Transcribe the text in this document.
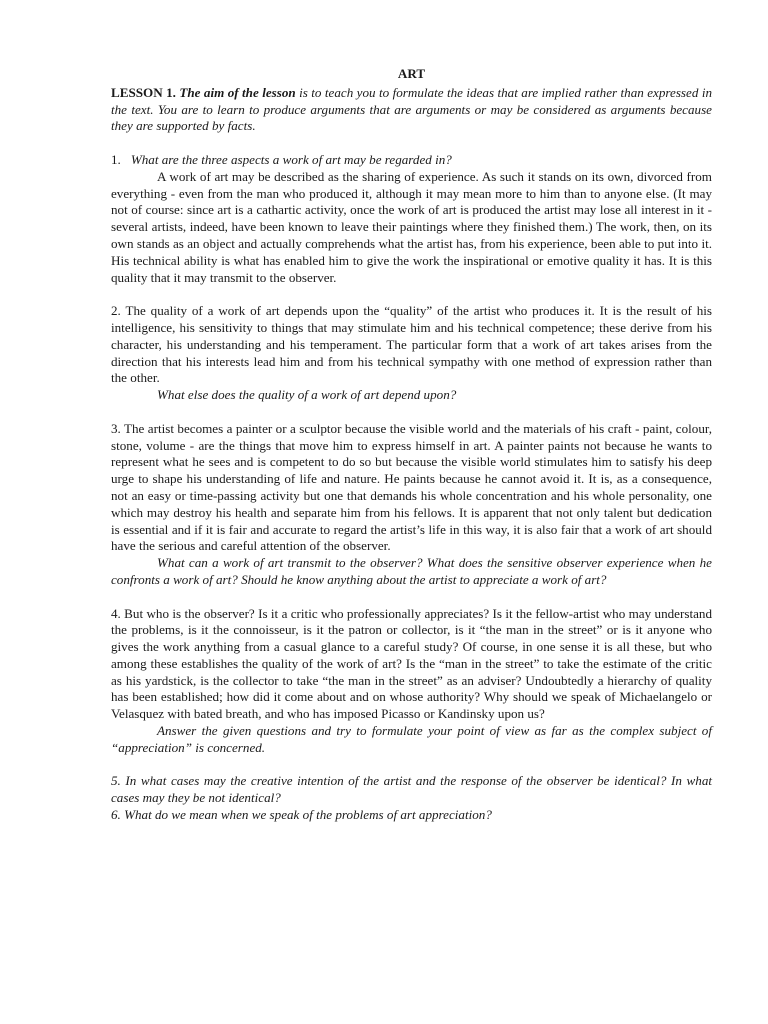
ART

LESSON 1. The aim of the lesson is to teach you to formulate the ideas that are implied rather than expressed in the text. You are to learn to produce arguments that are arguments or may be considered as arguments because they are supported by facts.

1. What are the three aspects a work of art may be regarded in?

A work of art may be described as the sharing of experience. As such it stands on its own, divorced from everything - even from the man who produced it, although it may mean more to him than to anyone else. (It may not of course: since art is a cathartic activity, once the work of art is produced the artist may lose all interest in it - several artists, indeed, have been known to leave their paintings where they finished them.) The work, then, on its own stands as an object and actually comprehends what the artist has, from his experience, been able to put into it. His technical ability is what has enabled him to give the work the inspirational or emotive quality it has. It is this quality that it may transmit to the observer.

2. The quality of a work of art depends upon the “quality” of the artist who produces it. It is the result of his intelligence, his sensitivity to things that may stimulate him and his technical competence; these derive from his character, his understanding and his temperament. The particular form that a work of art takes arises from the direction that his interests lead him and from his technical sympathy with one method of expression rather than the other.

What else does the quality of a work of art depend upon?

3. The artist becomes a painter or a sculptor because the visible world and the materials of his craft - paint, colour, stone, volume - are the things that move him to express himself in art. A painter paints not because he wants to represent what he sees and is competent to do so but because the visible world stimulates him to satisfy his deep urge to shape his understanding of life and nature. He paints because he cannot avoid it. It is, as a consequence, not an easy or time-passing activity but one that demands his whole concentration and his whole personality, one which may destroy his health and separate him from his fellows. It is apparent that not only talent but dedication is essential and if it is fair and accurate to regard the artist’s life in this way, it is also fair that a work of art should have the serious and careful attention of the observer.

What can a work of art transmit to the observer? What does the sensitive observer experience when he confronts a work of art? Should he know anything about the artist to appreciate a work of art?

4. But who is the observer? Is it a critic who professionally appreciates? Is it the fellow-artist who may understand the problems, is it the connoisseur, is it the patron or collector, is it “the man in the street” or is it anyone who gives the work anything from a casual glance to a careful study? Of course, in one sense it is all these, but who among these establishes the quality of the work of art? Is the “man in the street” to take the estimate of the critic as his yardstick, is the collector to take “the man in the street” as an adviser? Undoubtedly a hierarchy of quality has been established; how did it come about and on whose authority? Why should we speak of Michaelangelo or Velasquez with bated breath, and who has imposed Picasso or Kandinsky upon us?

Answer the given questions and try to formulate your point of view as far as the complex subject of “appreciation” is concerned.

5. In what cases may the creative intention of the artist and the response of the observer be identical? In what cases may they be not identical?

6. What do we mean when we speak of the problems of art appreciation?
